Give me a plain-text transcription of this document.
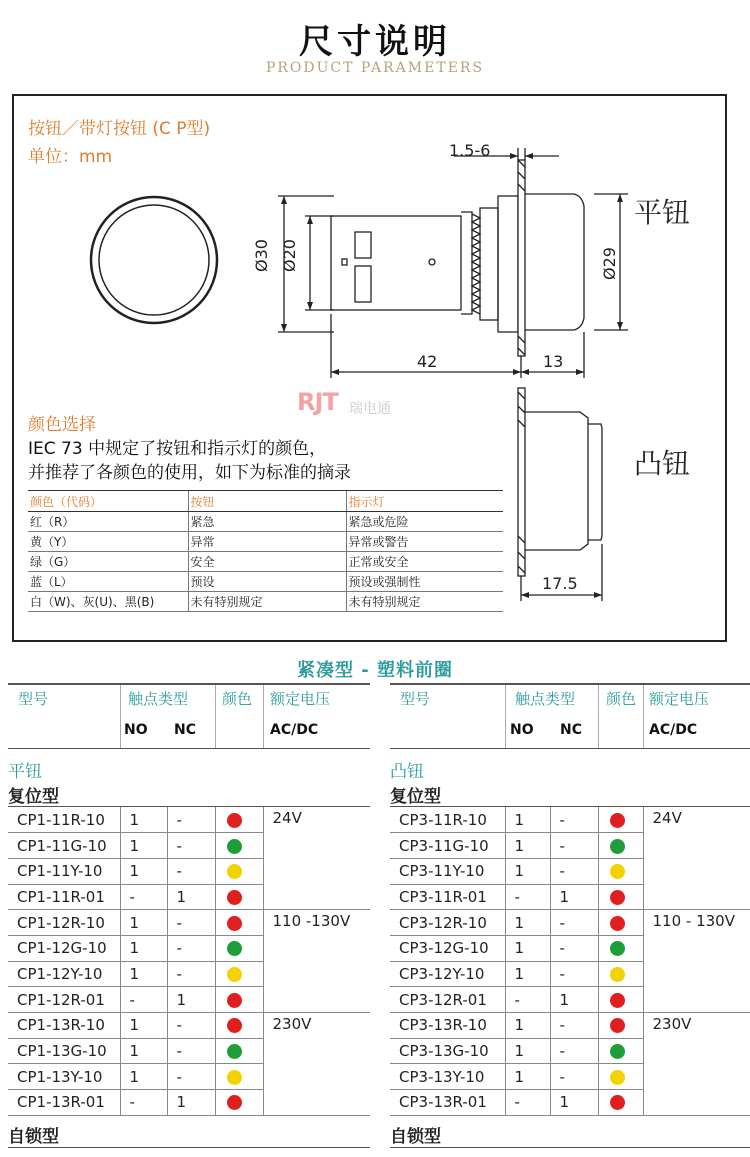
尺寸说明
PRODUCT PARAMETERS
按钮／带灯按钮 (C P型)
单位：mm	1.5-6
Ø30 Ø20	Ø29
42	13
17.5
平钮
凸钮
RJT 瑞电通
颜色选择
IEC 73 中规定了按钮和指示灯的颜色，
并推荐了各颜色的使用，如下为标准的摘录
颜色（代码）	按钮	指示灯
红（R）	紧急	紧急或危险
黄（Y）	异常	异常或警告
绿（G）	安全	正常或安全
蓝（L）	预设	预设或强制性
白（W)、灰(U)、黑(B)	未有特别规定	未有特别规定
紧凑型 - 塑料前圈
型号	触点类型 颜色 额定电压
NO NC	AC/DC
平钮
复位型
CP1-11R-10	1	-		24V
CP1-11G-10	1	-		
CP1-11Y-10	1	-		
CP1-11R-01	-	1		
CP1-12R-10	1	-		110 -130V
CP1-12G-10	1	-		
CP1-12Y-10	1	-		
CP1-12R-01	-	1		
CP1-13R-10	1	-		230V
CP1-13G-10	1	-		
CP1-13Y-10	1	-		
CP1-13R-01	-	1		
自锁型
型号	触点类型 颜色 额定电压
NO NC	AC/DC
凸钮
复位型
CP3-11R-10	1	-		24V
CP3-11G-10	1	-		
CP3-11Y-10	1	-		
CP3-11R-01	-	1		
CP3-12R-10	1	-		110 - 130V
CP3-12G-10	1	-		
CP3-12Y-10	1	-		
CP3-12R-01	-	1		
CP3-13R-10	1	-		230V
CP3-13G-10	1	-		
CP3-13Y-10	1	-		
CP3-13R-01	-	1		
自锁型
